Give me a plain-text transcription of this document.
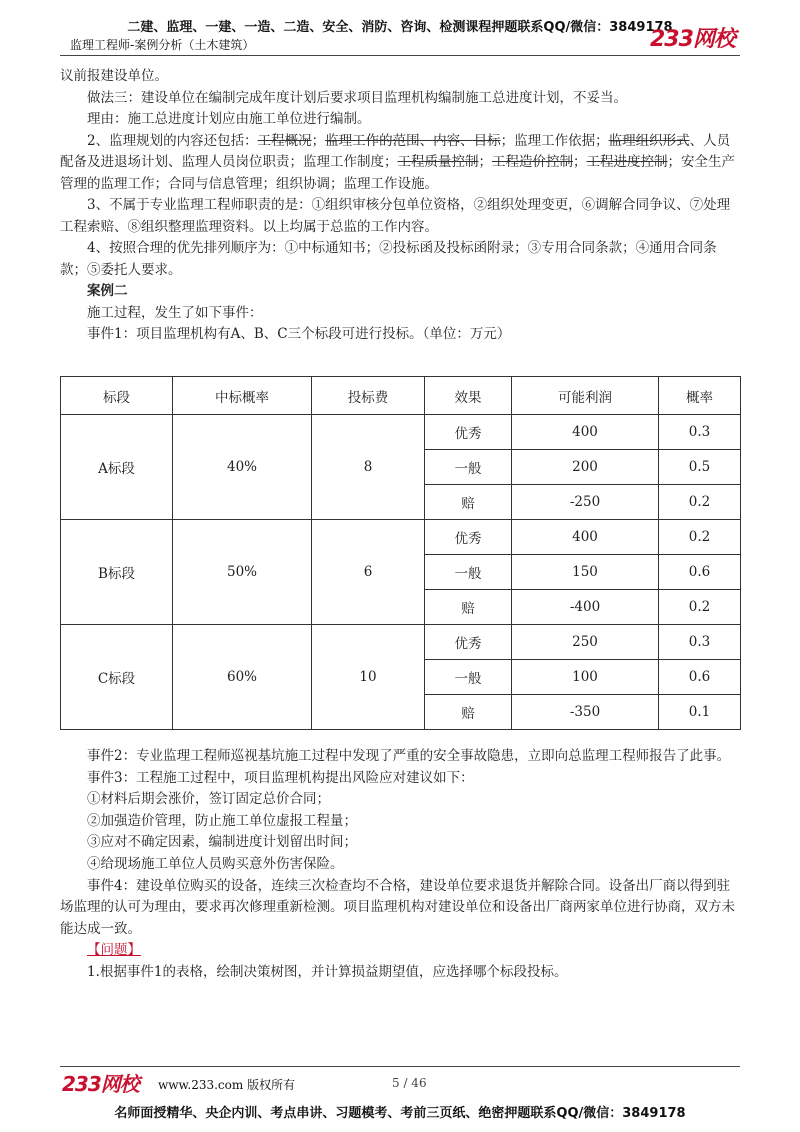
二建、监理、一建、一造、二造、安全、消防、咨询、检测课程押题联系QQ/微信：3849178
监理工程师-案例分析（土木建筑）	233网校

议前报建设单位。

做法三：建设单位在编制完成年度计划后要求项目监理机构编制施工总进度计划，不妥当。

理由：施工总进度计划应由施工单位进行编制。

2、监理规划的内容还包括：工程概况；监理工作的范围、内容、目标；监理工作依据；监理组织形式、人员配备及进退场计划、监理人员岗位职责；监理工作制度；工程质量控制；工程造价控制；工程进度控制；安全生产管理的监理工作；合同与信息管理；组织协调；监理工作设施。

3、不属于专业监理工程师职责的是：①组织审核分包单位资格，②组织处理变更，⑥调解合同争议、⑦处理工程索赔、⑧组织整理监理资料。以上均属于总监的工作内容。

4、按照合理的优先排列顺序为：①中标通知书；②投标函及投标函附录；③专用合同条款；④通用合同条款；⑤委托人要求。

案例二

施工过程，发生了如下事件：

事件1：项目监理机构有A、B、C三个标段可进行投标。（单位：万元）

标段	中标概率	投标费	效果	可能利润	概率
A标段	40%	8	优秀	400	0.3
			一般	200	0.5
			赔	-250	0.2
B标段	50%	6	优秀	400	0.2
			一般	150	0.6
			赔	-400	0.2
C标段	60%	10	优秀	250	0.3
			一般	100	0.6
			赔	-350	0.1

事件2：专业监理工程师巡视基坑施工过程中发现了严重的安全事故隐患，立即向总监理工程师报告了此事。

事件3：工程施工过程中，项目监理机构提出风险应对建议如下：

①材料后期会涨价，签订固定总价合同；

②加强造价管理，防止施工单位虚报工程量；

③应对不确定因素，编制进度计划留出时间；

④给现场施工单位人员购买意外伤害保险。

事件4：建设单位购买的设备，连续三次检查均不合格，建设单位要求退货并解除合同。设备出厂商以得到驻场监理的认可为理由，要求再次修理重新检测。项目监理机构对建设单位和设备出厂商两家单位进行协商，双方未能达成一致。

【问题】

1.根据事件1的表格，绘制决策树图，并计算损益期望值，应选择哪个标段投标。

233网校 www.233.com 版权所有	5 / 46
名师面授精华、央企内训、考点串讲、习题模考、考前三页纸、绝密押题联系QQ/微信：3849178
